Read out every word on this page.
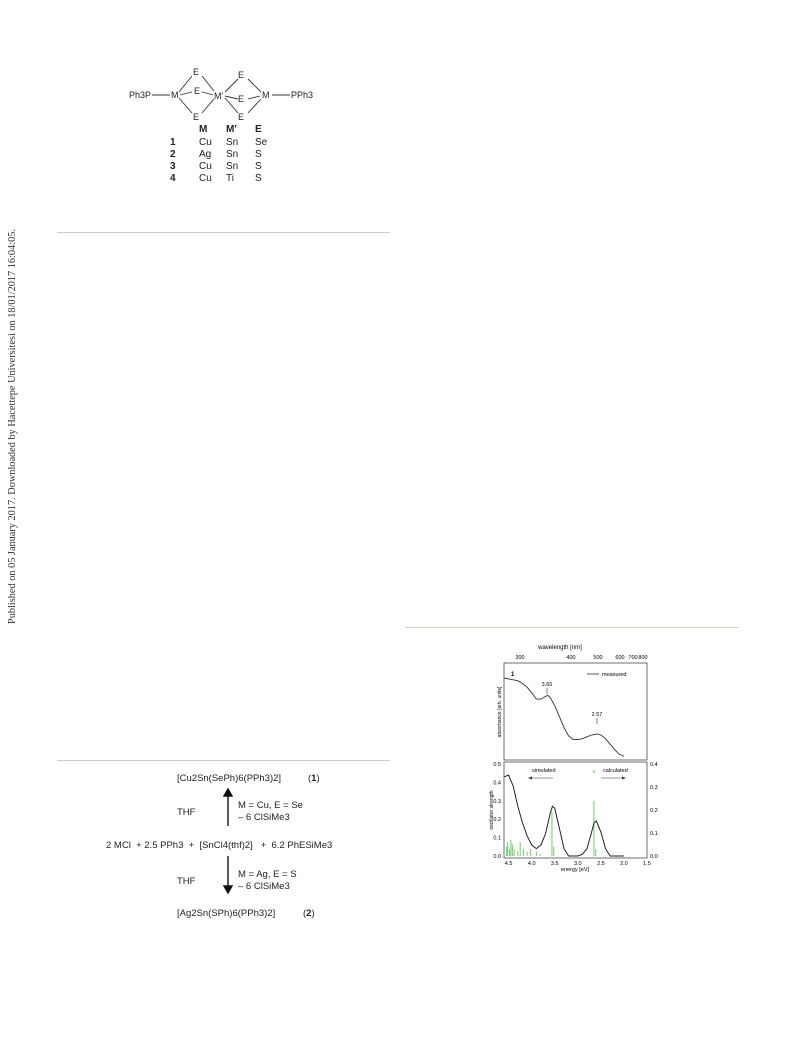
Published on 05 January 2017. Downloaded by Hacettepe Universitesi on 18/01/2017 16:04:05.
Ph3P M
E
E
E
M'
E
E
E
M PPh3
M M' E
1 Cu Sn Se
2 Ag Sn S
3 Cu Sn S
4 Cu Ti S
[Cu2Sn(SePh)6(PPh3)2]	(1)
THF
M = Cu, E = Se
– 6 ClSiMe3
2 MCl  + 2.5 PPh3  +  [SnCl4(thf)2]   +  6.2 PhESiMe3
THF
M = Ag, E = S
– 6 ClSiMe3
[Ag2Sn(SPh)6(PPh3)2]	(2)
wavelength [nm]
300	400	500 600 700 800
1	measured
absorbance [arb. units]
3.65
2.57
simulated	calculated
0.0
0.1
0.2
0.3
0.4
0.5
0.0
0.1
0.2
0.3
0.4
oscillator strength
4.5	4.0	3.5	3.0	2.5	2.0	1.5
energy [eV]
